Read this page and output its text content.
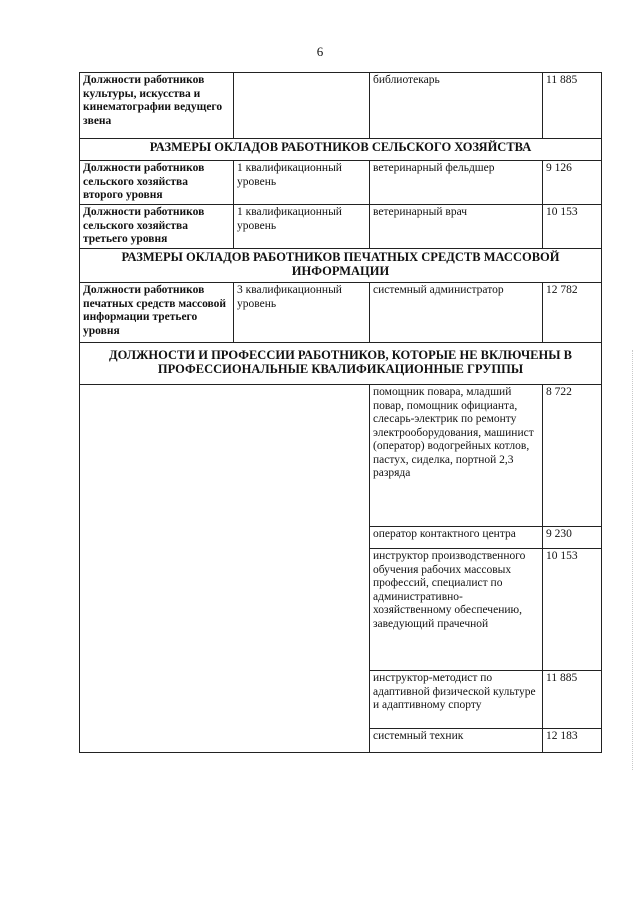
6
Должности работников культуры, искусства и кинематографии ведущего звена		библиотекарь	11 885
РАЗМЕРЫ ОКЛАДОВ РАБОТНИКОВ СЕЛЬСКОГО ХОЗЯЙСТВА			
Должности работников сельского хозяйства второго уровня	1 квалификационный уровень	ветеринарный фельдшер	9 126
Должности работников сельского хозяйства третьего уровня	1 квалификационный уровень	ветеринарный врач	10 153
РАЗМЕРЫ ОКЛАДОВ РАБОТНИКОВ ПЕЧАТНЫХ СРЕДСТВ МАССОВОЙ ИНФОРМАЦИИ			
Должности работников печатных средств массовой информации третьего уровня	3 квалификационный уровень	системный администратор	12 782
ДОЛЖНОСТИ И ПРОФЕССИИ РАБОТНИКОВ, КОТОРЫЕ НЕ ВКЛЮЧЕНЫ В ПРОФЕССИОНАЛЬНЫЕ КВАЛИФИКАЦИОННЫЕ ГРУППЫ			
		помощник повара, младший повар, помощник официанта, слесарь-электрик по ремонту электрооборудования, машинист (оператор) водогрейных котлов, пастух, сиделка, портной 2,3 разряда	8 722
		оператор контактного центра	9 230
		инструктор производственного обучения рабочих массовых профессий, специалист по административно-хозяйственному обеспечению, заведующий прачечной	10 153
		инструктор-методист по адаптивной физической культуре и адаптивному спорту	11 885
		системный техник	12 183
